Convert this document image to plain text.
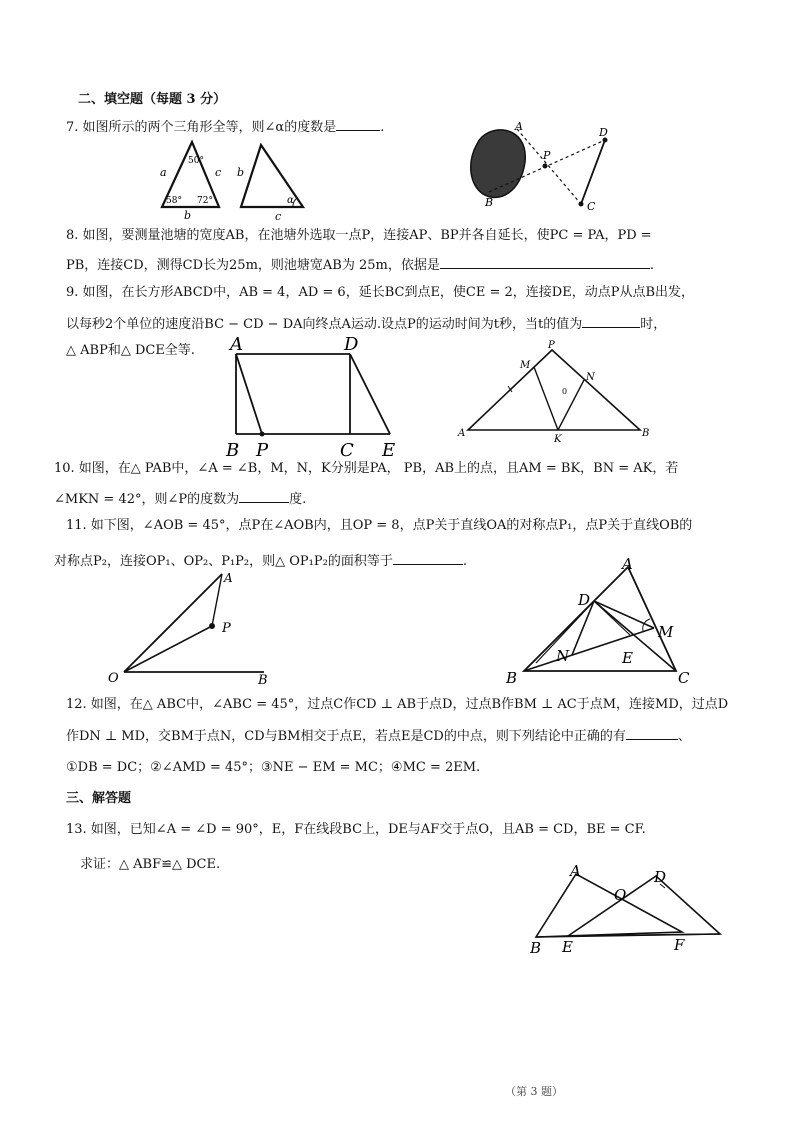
二、填空题（每题 3 分）
7. 如图所示的两个三角形全等，则∠α的度数是	.
50°
a	c
58° 72°
b
α
b
c
A
P
D
B	C
8. 如图，要测量池塘的宽度AB，在池塘外选取一点P，连接AP、BP并各自延长，使PC = PA，PD =
PB，连接CD，测得CD长为25m，则池塘宽AB为 25m，依据是	.
9. 如图，在长方形ABCD中，AB = 4，AD = 6，延长BC到点E，使CE = 2，连接DE，动点P从点B出发，
以每秒2个单位的速度沿BC − CD − DA向终点A运动.设点P的运动时间为t秒，当t的值为	时，
△ ABP和△ DCE全等. A	D
B P	C E
P
M
N
0
A
K
B
10. 如图，在△ PAB中，∠A = ∠B，M，N，K分别是PA， PB，AB上的点，且AM = BK，BN = AK，若
∠MKN = 42°，则∠P的度数为	度.
11. 如下图，∠AOB = 45°，点P在∠AOB内，且OP = 8，点P关于直线OA的对称点P₁，点P关于直线OB的
对称点P₂，连接OP₁、OP₂、P₁P₂，则△ OP₁P₂的面积等于	.
A
P
O	B
A
D
M
N	E
B	C
12. 如图，在△ ABC中，∠ABC = 45°，过点C作CD ⊥ AB于点D，过点B作BM ⊥ AC于点M，连接MD，过点D
作DN ⊥ MD，交BM于点N，CD与BM相交于点E，若点E是CD的中点，则下列结论中正确的有	、
①DB = DC；②∠AMD = 45°；③NE − EM = MC；④MC = 2EM.
三、解答题
13. 如图，已知∠A = ∠D = 90°，E，F在线段BC上，DE与AF交于点O，且AB = CD，BE = CF.
求证：△ ABF≌△ DCE.	A
O
D
B E	F
（第 3 题）
